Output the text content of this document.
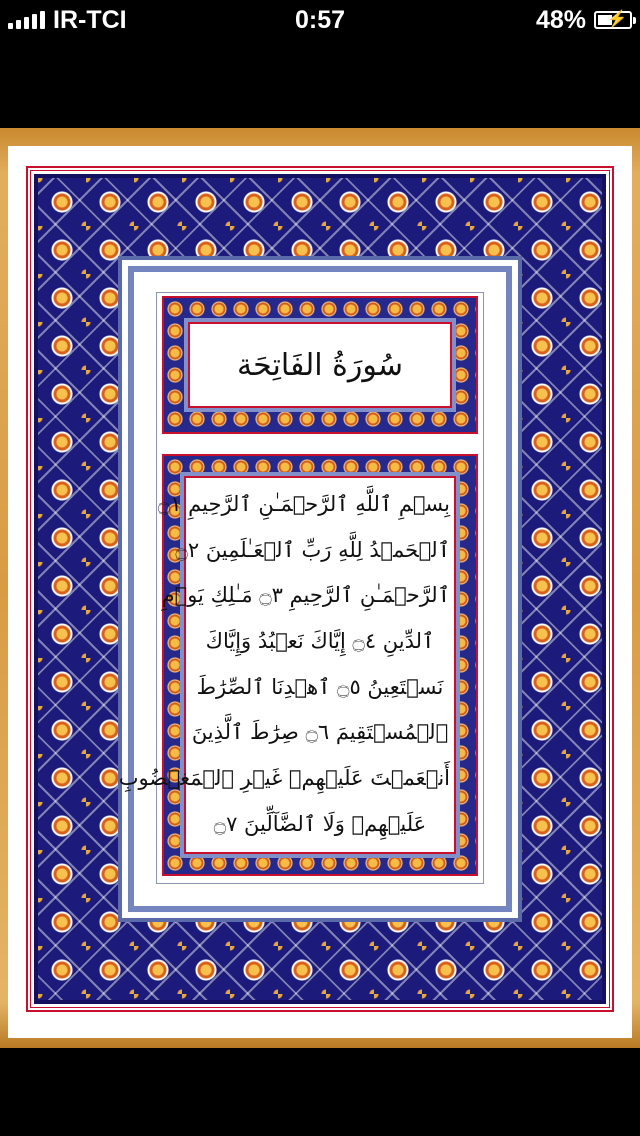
IR-TCI	0:57	48% ⚡
سُورَةُ الفَاتِحَة
بِسۡمِ ٱللَّهِ ٱلرَّحۡمَـٰنِ ٱلرَّحِيمِ ۝١
ٱلۡحَمۡدُ لِلَّهِ رَبِّ ٱلۡعَـٰلَمِينَ ۝٢
ٱلرَّحۡمَـٰنِ ٱلرَّحِيمِ ۝٣ مَـٰلِكِ يَوۡمِ
ٱلدِّينِ ۝٤ إِيَّاكَ نَعۡبُدُ وَإِيَّاكَ
نَسۡتَعِينُ ۝٥ ٱهۡدِنَا ٱلصِّرَٰطَ
ٱلۡمُسۡتَقِيمَ ۝٦ صِرَٰطَ ٱلَّذِينَ
أَنۡعَمۡتَ عَلَيۡهِمۡ غَيۡرِ ٱلۡمَغۡضُوبِ
عَلَيۡهِمۡ وَلَا ٱلضَّآلِّينَ ۝٧
